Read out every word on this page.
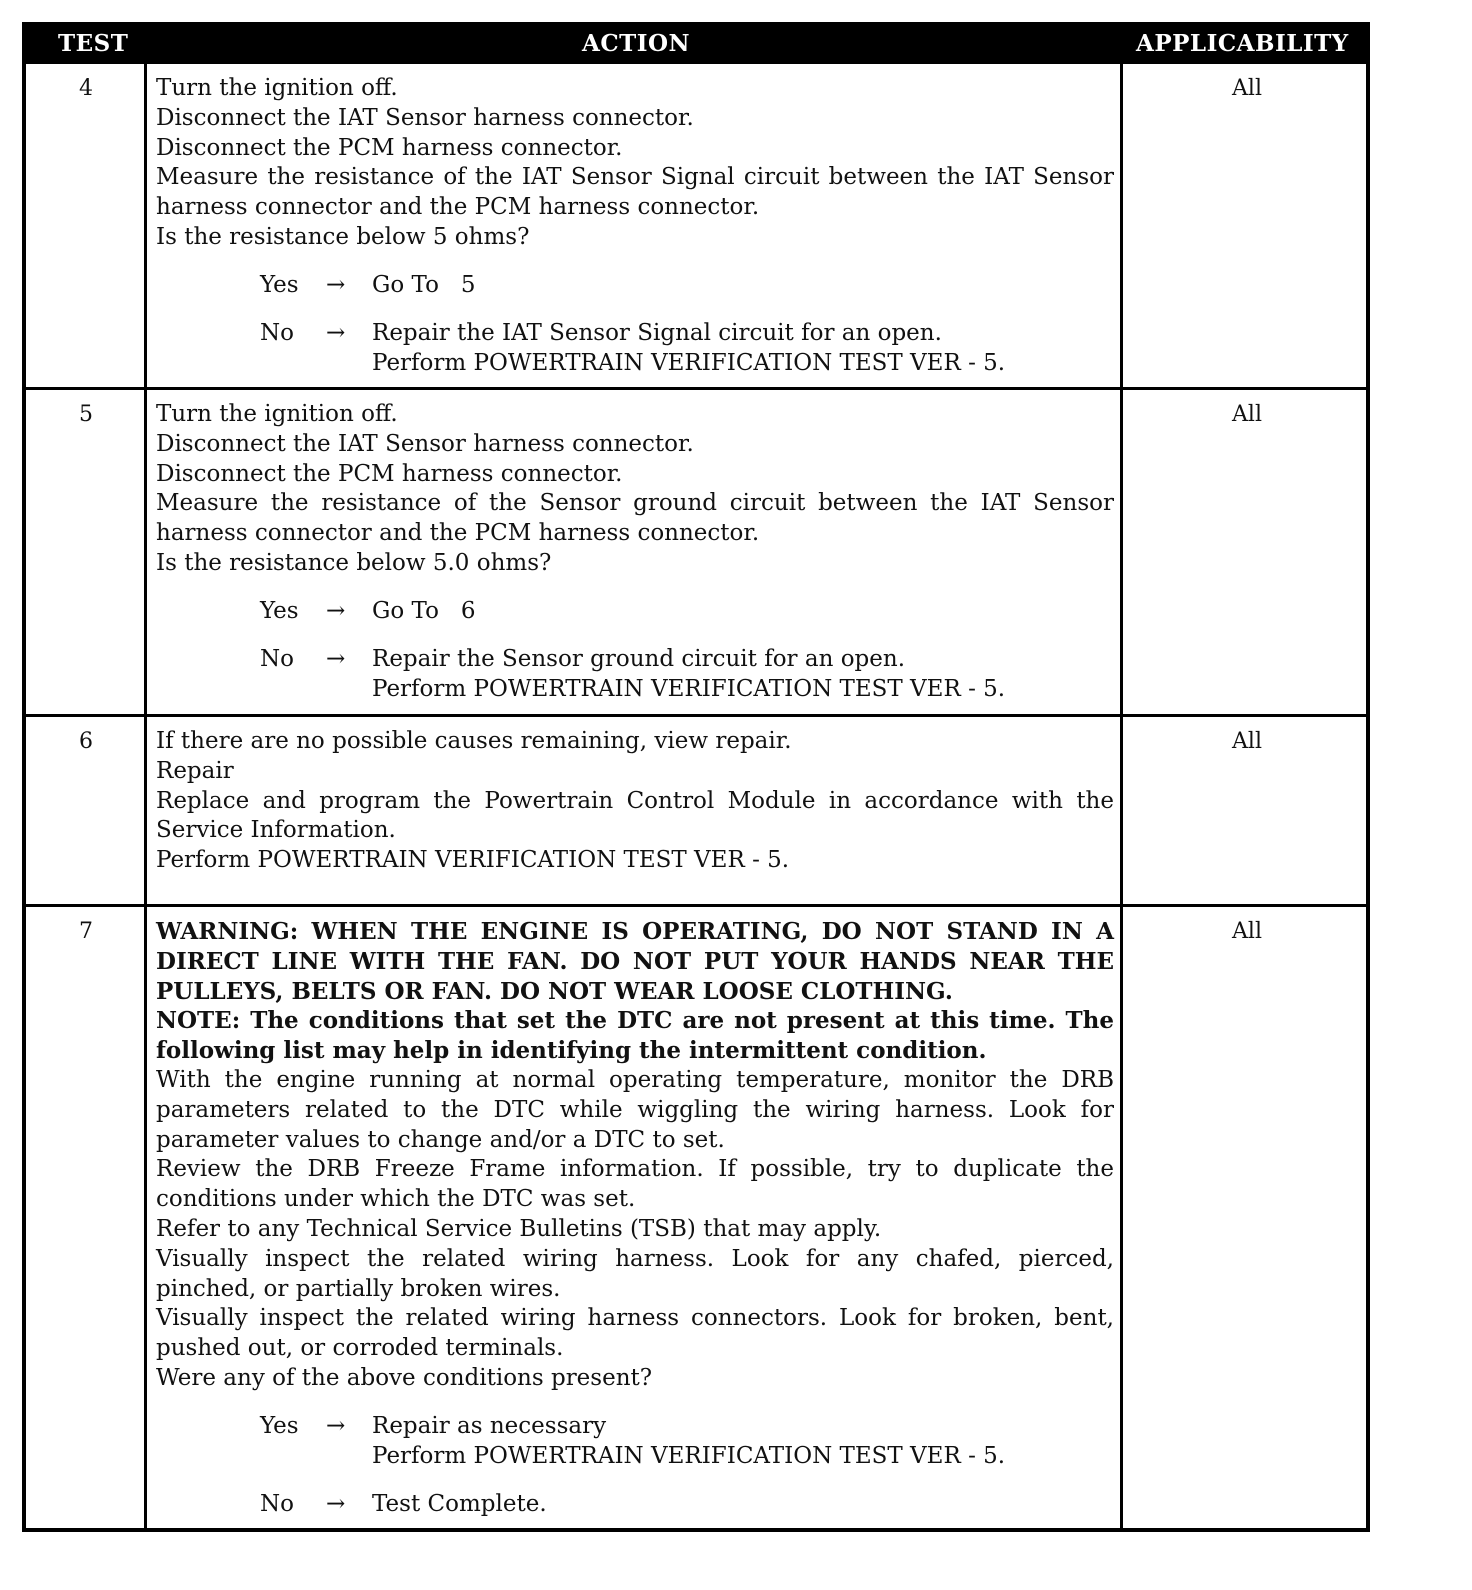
TEST	ACTION	APPLICABILITY
4	Turn the ignition off.

Disconnect the IAT Sensor harness connector.

Disconnect the PCM harness connector.

Measure the resistance of the IAT Sensor Signal circuit between the IAT Sensor harness connector and the PCM harness connector.

Is the resistance below 5 ohms?

Yes → Go To   5
No → Repair the IAT Sensor Signal circuit for an open.
Perform POWERTRAIN VERIFICATION TEST VER - 5.
All
5	Turn the ignition off.

Disconnect the IAT Sensor harness connector.

Disconnect the PCM harness connector.

Measure the resistance of the Sensor ground circuit between the IAT Sensor harness connector and the PCM harness connector.

Is the resistance below 5.0 ohms?

Yes → Go To   6
No → Repair the Sensor ground circuit for an open.
Perform POWERTRAIN VERIFICATION TEST VER - 5.
All
6	If there are no possible causes remaining, view repair.

Repair

Replace and program the Powertrain Control Module in accordance with the Service Information.

Perform POWERTRAIN VERIFICATION TEST VER - 5.

All
7	WARNING: WHEN THE ENGINE IS OPERATING, DO NOT STAND IN A DIRECT LINE WITH THE FAN. DO NOT PUT YOUR HANDS NEAR THE PULLEYS, BELTS OR FAN. DO NOT WEAR LOOSE CLOTHING.

NOTE: The conditions that set the DTC are not present at this time. The following list may help in identifying the intermittent condition.

With the engine running at normal operating temperature, monitor the DRB parameters related to the DTC while wiggling the wiring harness. Look for parameter values to change and/or a DTC to set.

Review the DRB Freeze Frame information. If possible, try to duplicate the conditions under which the DTC was set.

Refer to any Technical Service Bulletins (TSB) that may apply.

Visually inspect the related wiring harness. Look for any chafed, pierced, pinched, or partially broken wires.

Visually inspect the related wiring harness connectors. Look for broken, bent, pushed out, or corroded terminals.

Were any of the above conditions present?

Yes → Repair as necessary
Perform POWERTRAIN VERIFICATION TEST VER - 5.
No → Test Complete.
All
